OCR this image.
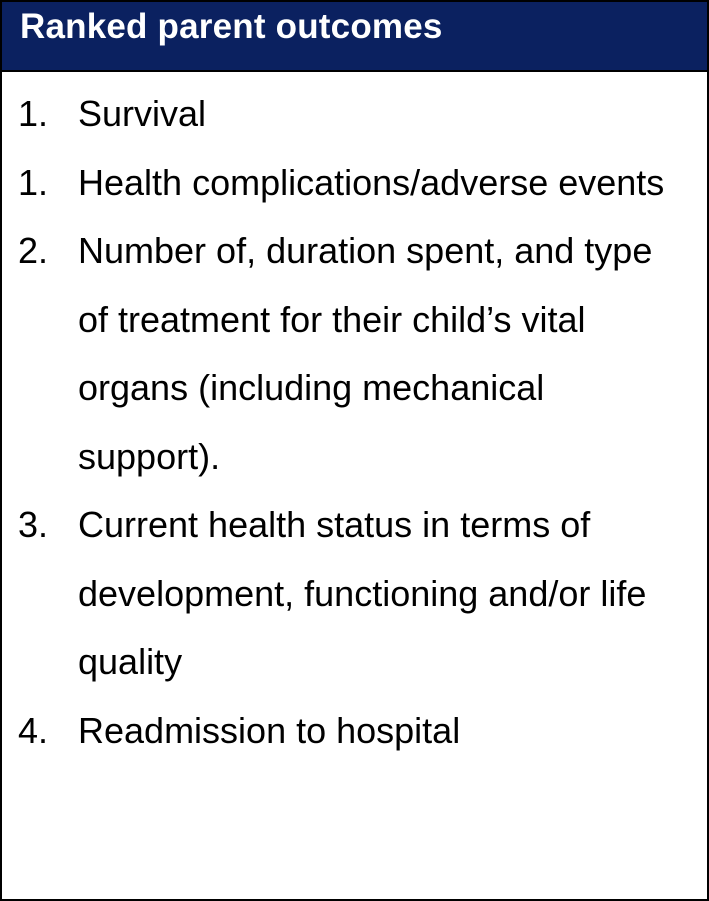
Ranked parent outcomes
1. Survival
1. Health complications/adverse events
2. Number of, duration spent, and type of treatment for their child’s vital organs (including mechanical support).
3. Current health status in terms of development, functioning and/or life quality
4. Readmission to hospital
